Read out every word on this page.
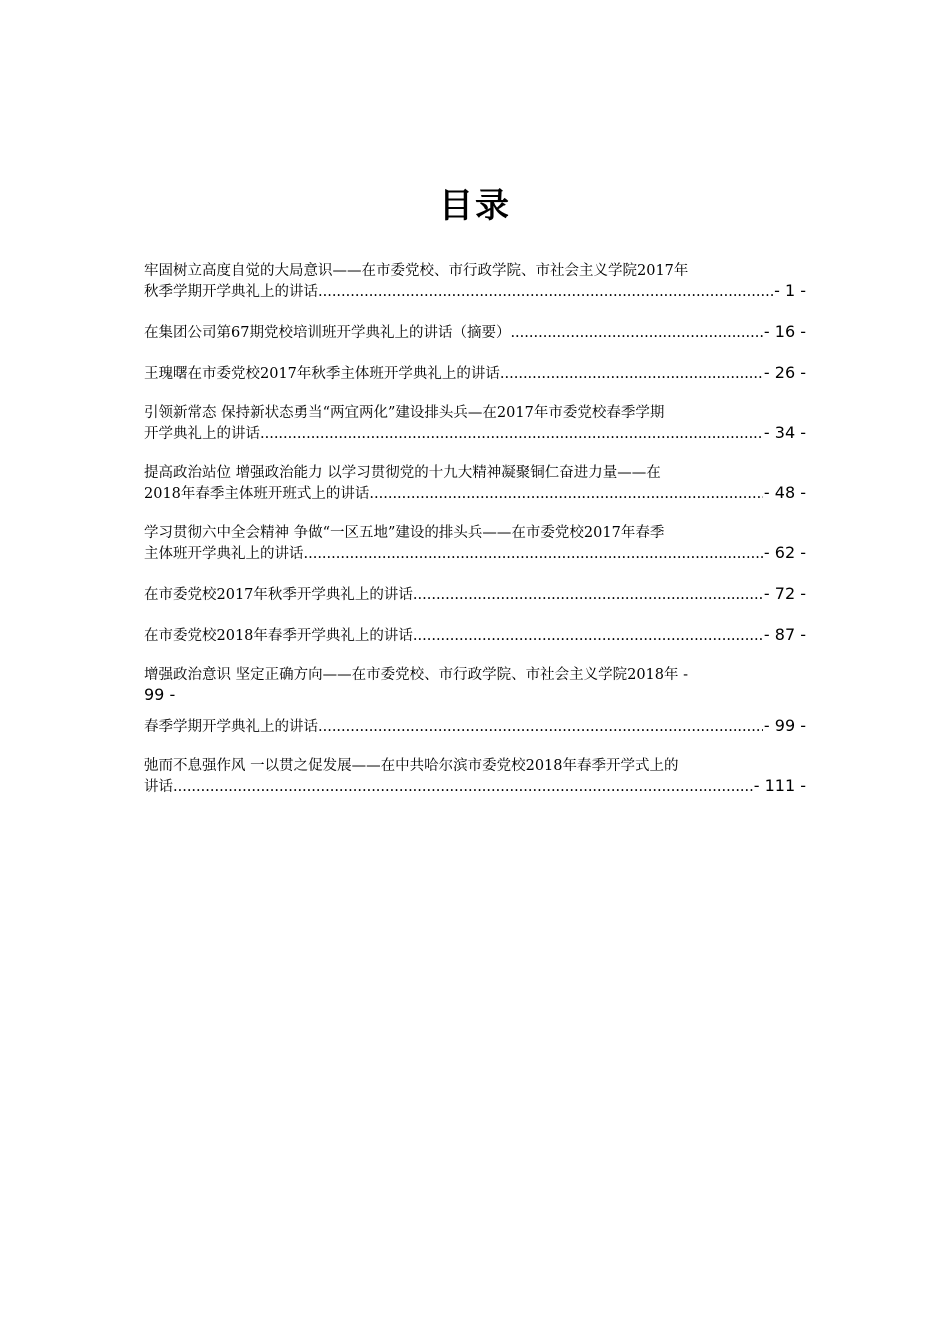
目录
牢固树立高度自觉的大局意识——在市委党校、市行政学院、市社会主义学院2017年
秋季学期开学典礼上的讲话 .....	- 1 -
在集团公司第67期党校培训班开学典礼上的讲话（摘要） .....	- 16 -
王瑰曙在市委党校2017年秋季主体班开学典礼上的讲话 .....	- 26 -
引领新常态 保持新状态勇当“两宜两化”建设排头兵—在2017年市委党校春季学期
开学典礼上的讲话 .....	- 34 -
提高政治站位 增强政治能力 以学习贯彻党的十九大精神凝聚铜仁奋进力量——在
2018年春季主体班开班式上的讲话 .....	- 48 -
学习贯彻六中全会精神 争做“一区五地”建设的排头兵——在市委党校2017年春季
主体班开学典礼上的讲话 .....	- 62 -
在市委党校2017年秋季开学典礼上的讲话 .....	- 72 -
在市委党校2018年春季开学典礼上的讲话 .....	- 87 -
增强政治意识 坚定正确方向——在市委党校、市行政学院、市社会主义学院2018年 -
99 -
春季学期开学典礼上的讲话 .....	- 99 -
弛而不息强作风 一以贯之促发展——在中共哈尔滨市委党校2018年春季开学式上的
讲话 .....	- 111 -
